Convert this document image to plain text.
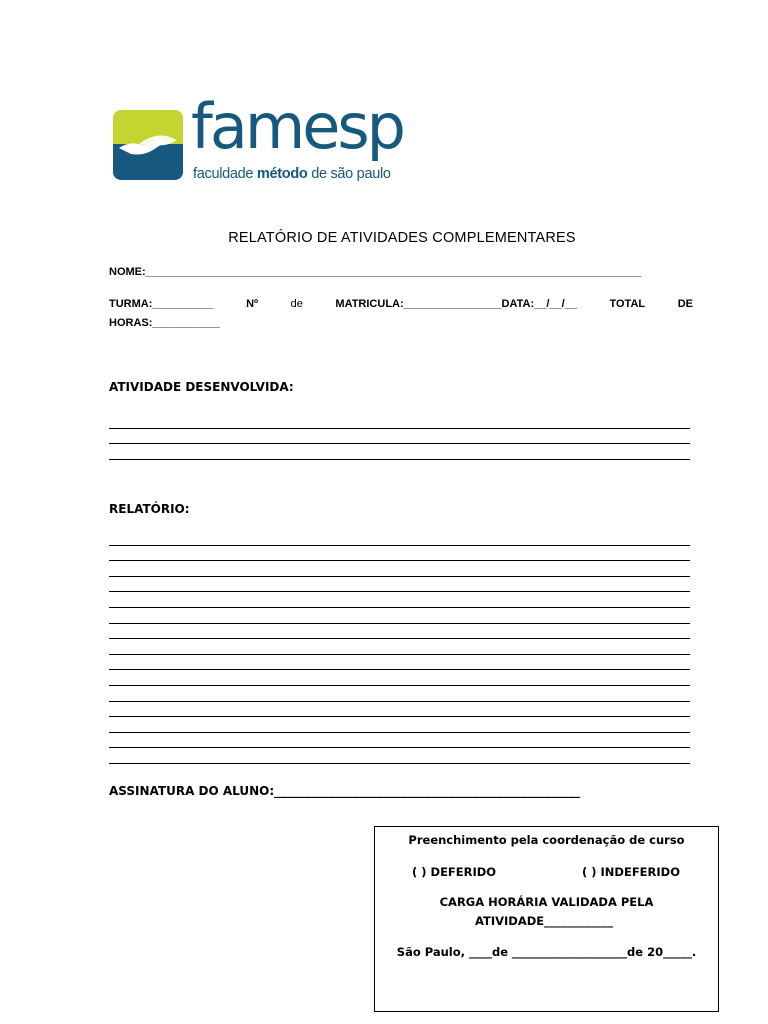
famesp
faculdade método de são paulo
RELATÓRIO DE ATIVIDADES COMPLEMENTARES
NOME:_________________________________________________________________________________
TURMA:__________	Nº	de	MATRICULA:________________DATA:__/__/__	TOTAL	DE
HORAS:___________
ATIVIDADE DESENVOLVIDA:
RELATÓRIO:
ASSINATURA DO ALUNO:___________________________________________________
Preenchimento pela coordenação de curso
( ) DEFERIDO	( ) INDEFERIDO
CARGA HORÁRIA VALIDADA PELA
ATIVIDADE____________
São Paulo, ____de ____________________de 20_____.
